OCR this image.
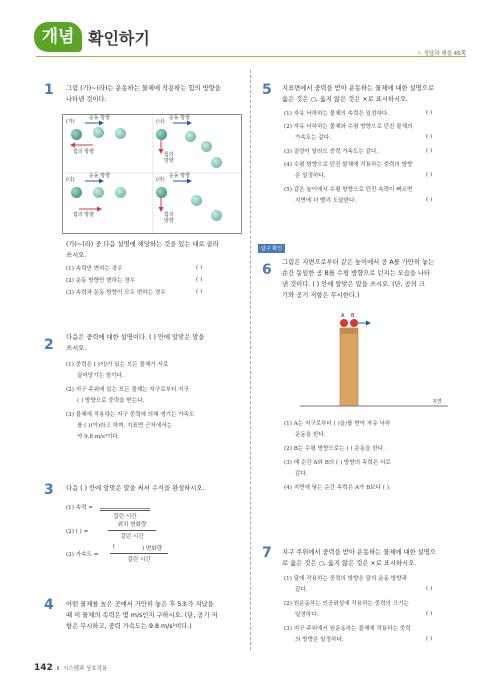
개념 확인하기
✎ 정답과 해설 45쪽
1 그림 (가)~(라)는 운동하는 물체에 작용하는 힘의 방향을
나타낸 것이다.
(가)
운동 방향
힘의 방향
(나)
운동 방향
힘의
방향
(다)
운동 방향
힘의 방향
(라)
운동 방향
힘의
방향
(가)~(라) 중 다음 설명에 해당하는 것을 있는 대로 골라
쓰시오.
(1) 속력만 변하는 경우	( )
(2) 운동 방향만 변하는 경우	( )
(3) 속력과 운동 방향이 모두 변하는 경우	( )
2 다음은 중력에 대한 설명이다. ( ) 안에 알맞은 말을
쓰시오.
(1) 중력은 ( )이/가 있는 모든 물체가 서로
끌어당기는 힘이다.
(2) 지구 주위에 있는 모든 물체는 지구로부터 지구
( ) 방향으로 중력을 받는다.
(3) 물체에 작용하는 지구 중력에 의해 생기는 가속도
를 ( )(이)라고 하며, 지표면 근처에서는
약 9.8 m/s²이다.
3 다음 ( ) 안에 알맞은 말을 써서 수식을 완성하시오.
(1) 속력 =
걸린 시간
(2) ( ) =
위치 변화량
걸린 시간
(3) 가속도 =
(	) 변화량
걸린 시간
4 어떤 물체를 높은 곳에서 가만히 놓은 후 5초가 지났을
때 이 물체의 속력은 몇 m/s인지 구하시오. (단, 공기 저
항은 무시하고, 중력 가속도는 9.8 m/s²이다.)
5 지표면에서 중력을 받아 운동하는 물체에 대한 설명으로
옳은 것은 ○, 옳지 않은 것은 ×로 표시하시오.
(1) 자유 낙하하는 물체의 속력은 일정하다.	( )
(2) 자유 낙하하는 물체와 수평 방향으로 던진 물체의
가속도는 같다.	( )
(3) 질량이 달라도 중력 가속도는 같다.	( )
(4) 수평 방향으로 던진 물체에 작용하는 중력의 방향
은 일정하다.	( )
(5) 같은 높이에서 수평 방향으로 던진 속력이 빠르면
지면에 더 빨리 도달한다.	( )
탐구 확인
6 그림은 지면으로부터 같은 높이에서 공 A를 가만히 놓는
순간 동일한 공 B를 수평 방향으로 던지는 모습을 나타
낸 것이다. ( ) 안에 알맞은 말을 쓰시오. (단, 공의 크
기와 공기 저항은 무시한다.)
A B
지면
(1) A는 지구로부터 ( )을/를 받아 자유 낙하
운동을 한다.
(2) B는 수평 방향으로는 ( ) 운동을 한다.
(3) 매 순간 A와 B의 ( ) 방향의 속력은 서로
같다.
(4) 지면에 닿는 순간 속력은 A가 B보다 ( ).
7 지구 주위에서 중력을 받아 운동하는 물체에 대한 설명으
로 옳은 것은 ○, 옳지 않은 것은 ×로 표시하시오.
(1) 달에 작용하는 중력의 방향은 달의 운동 방향과
같다.	( )
(2) 원운동하는 인공위성에 작용하는 중력의 크기는
일정하다.	( )
(3) 지구 주위에서 원운동하는 물체에 작용하는 중력
의 방향은 일정하다.	( )
142 Ⅱ. 시스템과 상호작용
